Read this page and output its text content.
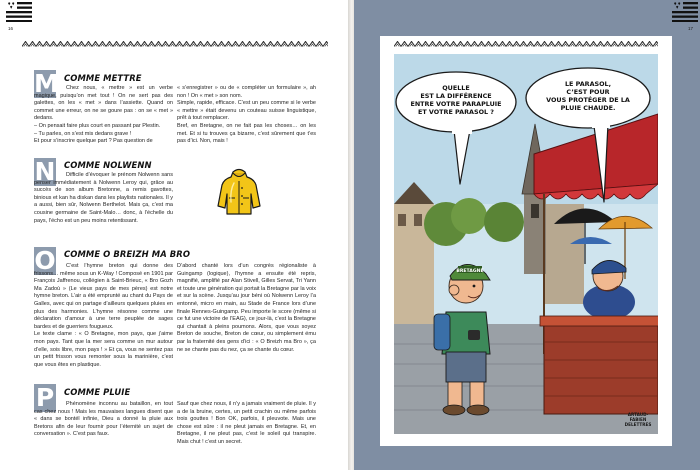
16
M COMME METTRE

Chez nous, « mettre » est un verbe magique, puisqu’on met tout ! On ne sert pas des galettes, on les « met » dans l’assiette. Quand on commet une erreur, on ne se goure pas : on se « met » dedans.

– On pensait faire plus court en passant par Plestin.

– Tu parles, on s’est mis dedans grave !

Et pour s’inscrire quelque part ? Pas question de

« s’enregistrer » ou de « compléter un formulaire », ah non ! On « met » son nom.

Simple, rapide, efficace. C’est un peu comme si le verbe « mettre » était devenu un couteau suisse linguistique, prêt à tout remplacer.

Bref, en Bretagne, on ne fait pas les choses… on les met. Et si tu trouves ça bizarre, c’est sûrement que t’es pas d’ici. Non, mais !

N COMME NOLWENN

Difficile d’évoquer le prénom Nolwenn sans penser immédiatement à Nolwenn Leroy qui, grâce au succès de son album Bretonne, a remis gavottes, binious et kan ha diskan dans les playlists nationales. Il y a aussi, bien sûr, Nolwenn Berthelot. Mais ça, c’est ma cousine germaine de Saint-Malo… donc, à l’échelle du pays, l’écho est un peu moins retentissant.

O COMME O BREIZH MA BRO

C’est l’hymne breton qui donne des frissons… même sous un K-Way ! Composé en 1901 par François Jaffrenou, collégien à Saint-Brieuc, « Bro Gozh Ma Zadoù » (Le vieux pays de mes pères) est notre hymne breton. L’air a été emprunté au chant du Pays de Galles, avec qui on partage d’ailleurs quelques pluies en plus des harmonies. L’hymne résonne comme une déclaration d’amour à une terre peuplée de sages bardes et de guerriers fougueux.

Le texte clame : « O Bretagne, mon pays, que j’aime mon pays. Tant que la mer sera comme un mur autour d’elle, sois libre, mon pays ! » Et ça, vous ne sentez pas un petit frisson vous remonter sous la marinière, c’est que vous êtes en plastique.

D’abord chanté lors d’un congrès régionaliste à Guingamp (logique), l’hymne a ensuite été repris, magnifié, amplifié par Alan Stivell, Gilles Servat, Tri Yann et toute une génération qui portait la Bretagne par la voix et sur la scène. Jusqu’au jour béni où Nolwenn Leroy l’a entonné, micro en main, au Stade de France lors d’une finale Rennes-Guingamp. Peu importe le score (même si ce fut une victoire de l’EAG), ce jour-là, c’est la Bretagne qui chantait à pleins poumons. Alors, que vous soyez Breton de souche, Breton de cœur, ou simplement ému par la fraternité des gens d’ici : « O Breizh ma Bro », ça ne se chante pas du nez, ça se chante du cœur.

P COMME PLUIE

Phénomène inconnu au bataillon, en tout cas chez nous ! Mais les mauvaises langues disent que « dans se bontél infinie, Dieu a donné la pluie aux Bretons afin de leur fournir pour l’éternité un sujet de conversation ». C’est pas faux.

Sauf que chez nous, il n’y a jamais vraiment de pluie. Il y a de la bruine, certes, un petit crachin ou même parfois trois gouttes ! Bon OK, parfois, il pleuvote. Mais une chose est sûre : il ne pleut jamais en Bretagne. Et, en Bretagne, il ne pleut pas, c’est le soleil qui transpire. Mais chut ! c’est un secret.

17
BRETAGNE
QUELLE
EST LA DIFFÉRENCE
ENTRE VOTRE PARAPLUIE
ET VOTRE PARASOL ?
LE PARASOL,
C’EST POUR
VOUS PROTÉGER DE LA
PLUIE CHAUDE.
ARTAUD·
FABIEN
DELETTRES
